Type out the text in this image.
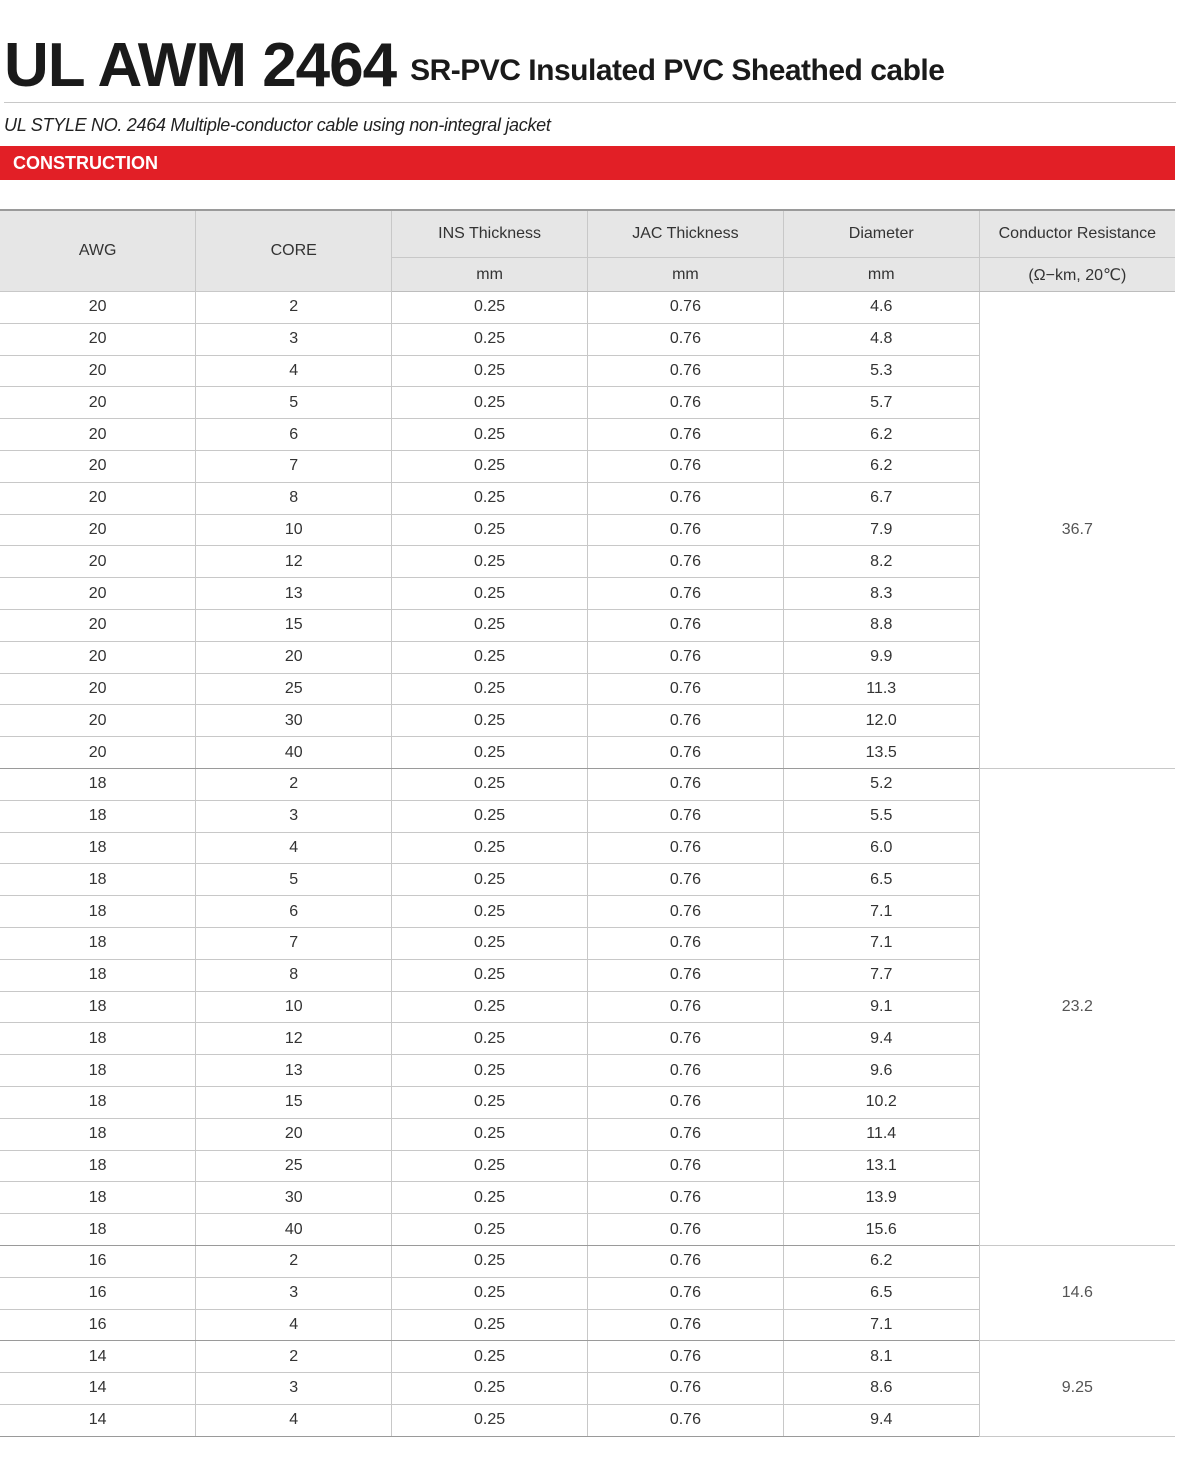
UL AWM 2464 SR-PVC Insulated PVC Sheathed cable
UL STYLE NO. 2464 Multiple-conductor cable using non-integral jacket
CONSTRUCTION
AWG	CORE	INS Thickness	JAC Thickness	Diameter	Conductor Resistance
		mm	mm	mm	(Ω−km, 20℃)
20	2	0.25	0.76	4.6	36.7
20	3	0.25	0.76	4.8	
20	4	0.25	0.76	5.3	
20	5	0.25	0.76	5.7	
20	6	0.25	0.76	6.2	
20	7	0.25	0.76	6.2	
20	8	0.25	0.76	6.7	
20	10	0.25	0.76	7.9	
20	12	0.25	0.76	8.2	
20	13	0.25	0.76	8.3	
20	15	0.25	0.76	8.8	
20	20	0.25	0.76	9.9	
20	25	0.25	0.76	11.3	
20	30	0.25	0.76	12.0	
20	40	0.25	0.76	13.5	
18	2	0.25	0.76	5.2	23.2
18	3	0.25	0.76	5.5	
18	4	0.25	0.76	6.0	
18	5	0.25	0.76	6.5	
18	6	0.25	0.76	7.1	
18	7	0.25	0.76	7.1	
18	8	0.25	0.76	7.7	
18	10	0.25	0.76	9.1	
18	12	0.25	0.76	9.4	
18	13	0.25	0.76	9.6	
18	15	0.25	0.76	10.2	
18	20	0.25	0.76	11.4	
18	25	0.25	0.76	13.1	
18	30	0.25	0.76	13.9	
18	40	0.25	0.76	15.6	
16	2	0.25	0.76	6.2	14.6
16	3	0.25	0.76	6.5	
16	4	0.25	0.76	7.1	
14	2	0.25	0.76	8.1	9.25
14	3	0.25	0.76	8.6	
14	4	0.25	0.76	9.4	
